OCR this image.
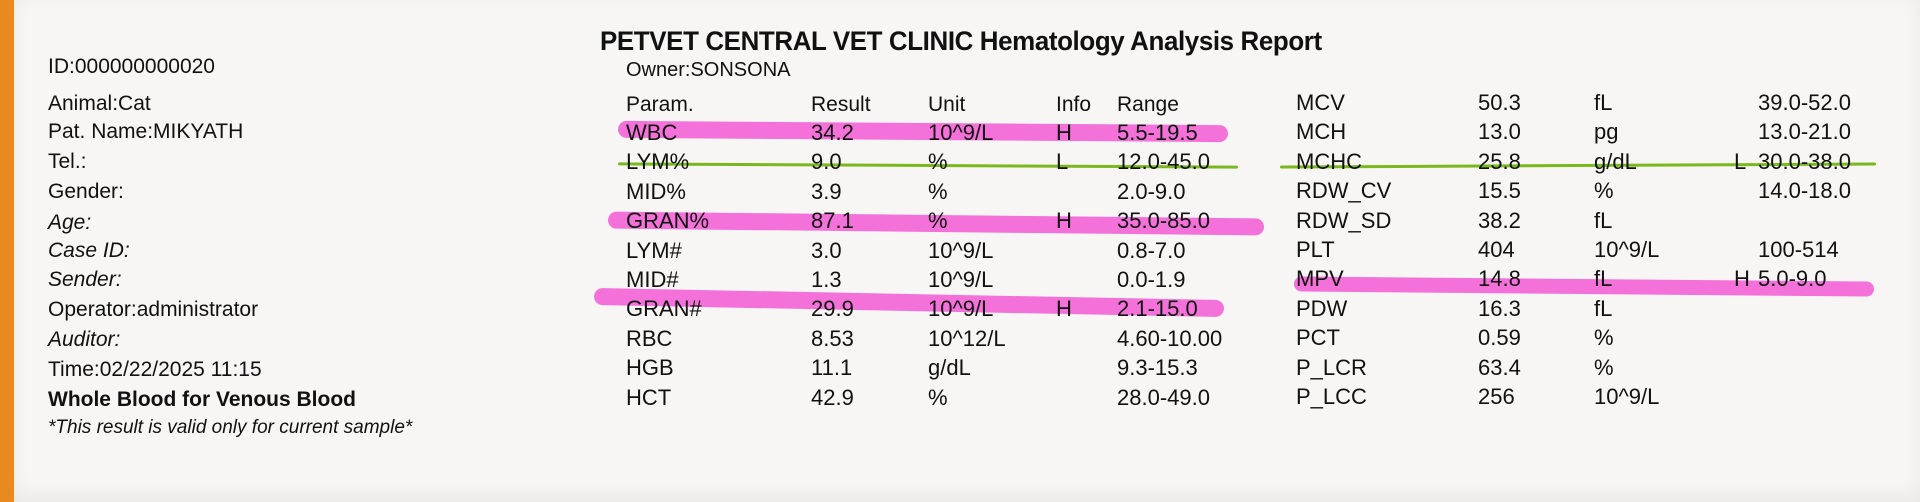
PETVET CENTRAL VET CLINIC Hematology Analysis Report
Owner:SONSONA
ID:000000000020
Animal:Cat
Pat. Name:MIKYATH
Tel.:
Gender:
Age:
Case ID:
Sender:
Operator:administrator
Auditor:
Time:02/22/2025 11:15
Whole Blood for Venous Blood
*This result is valid only for current sample*
Param.	Result	Unit	Info Range
WBC	34.2	10^9/L	H 5.5-19.5
LYM%	9.0	%	L 12.0-45.0
MID%	3.9	%	2.0-9.0
GRAN%	87.1	%	H 35.0-85.0
LYM#	3.0	10^9/L	0.8-7.0
MID#	1.3	10^9/L	0.0-1.9
GRAN#	29.9	10^9/L	H 2.1-15.0
RBC	8.53	10^12/L	4.60-10.00
HGB	11.1	g/dL	9.3-15.3
HCT	42.9	%	28.0-49.0
MCV	50.3	fL	39.0-52.0
MCH	13.0	pg	13.0-21.0
MCHC	25.8	g/dL	L 30.0-38.0
RDW_CV	15.5	%	14.0-18.0
RDW_SD	38.2	fL
PLT	404	10^9/L	100-514
MPV	14.8	fL	H 5.0-9.0
PDW	16.3	fL
PCT	0.59	%
P_LCR	63.4	%
P_LCC	256	10^9/L
